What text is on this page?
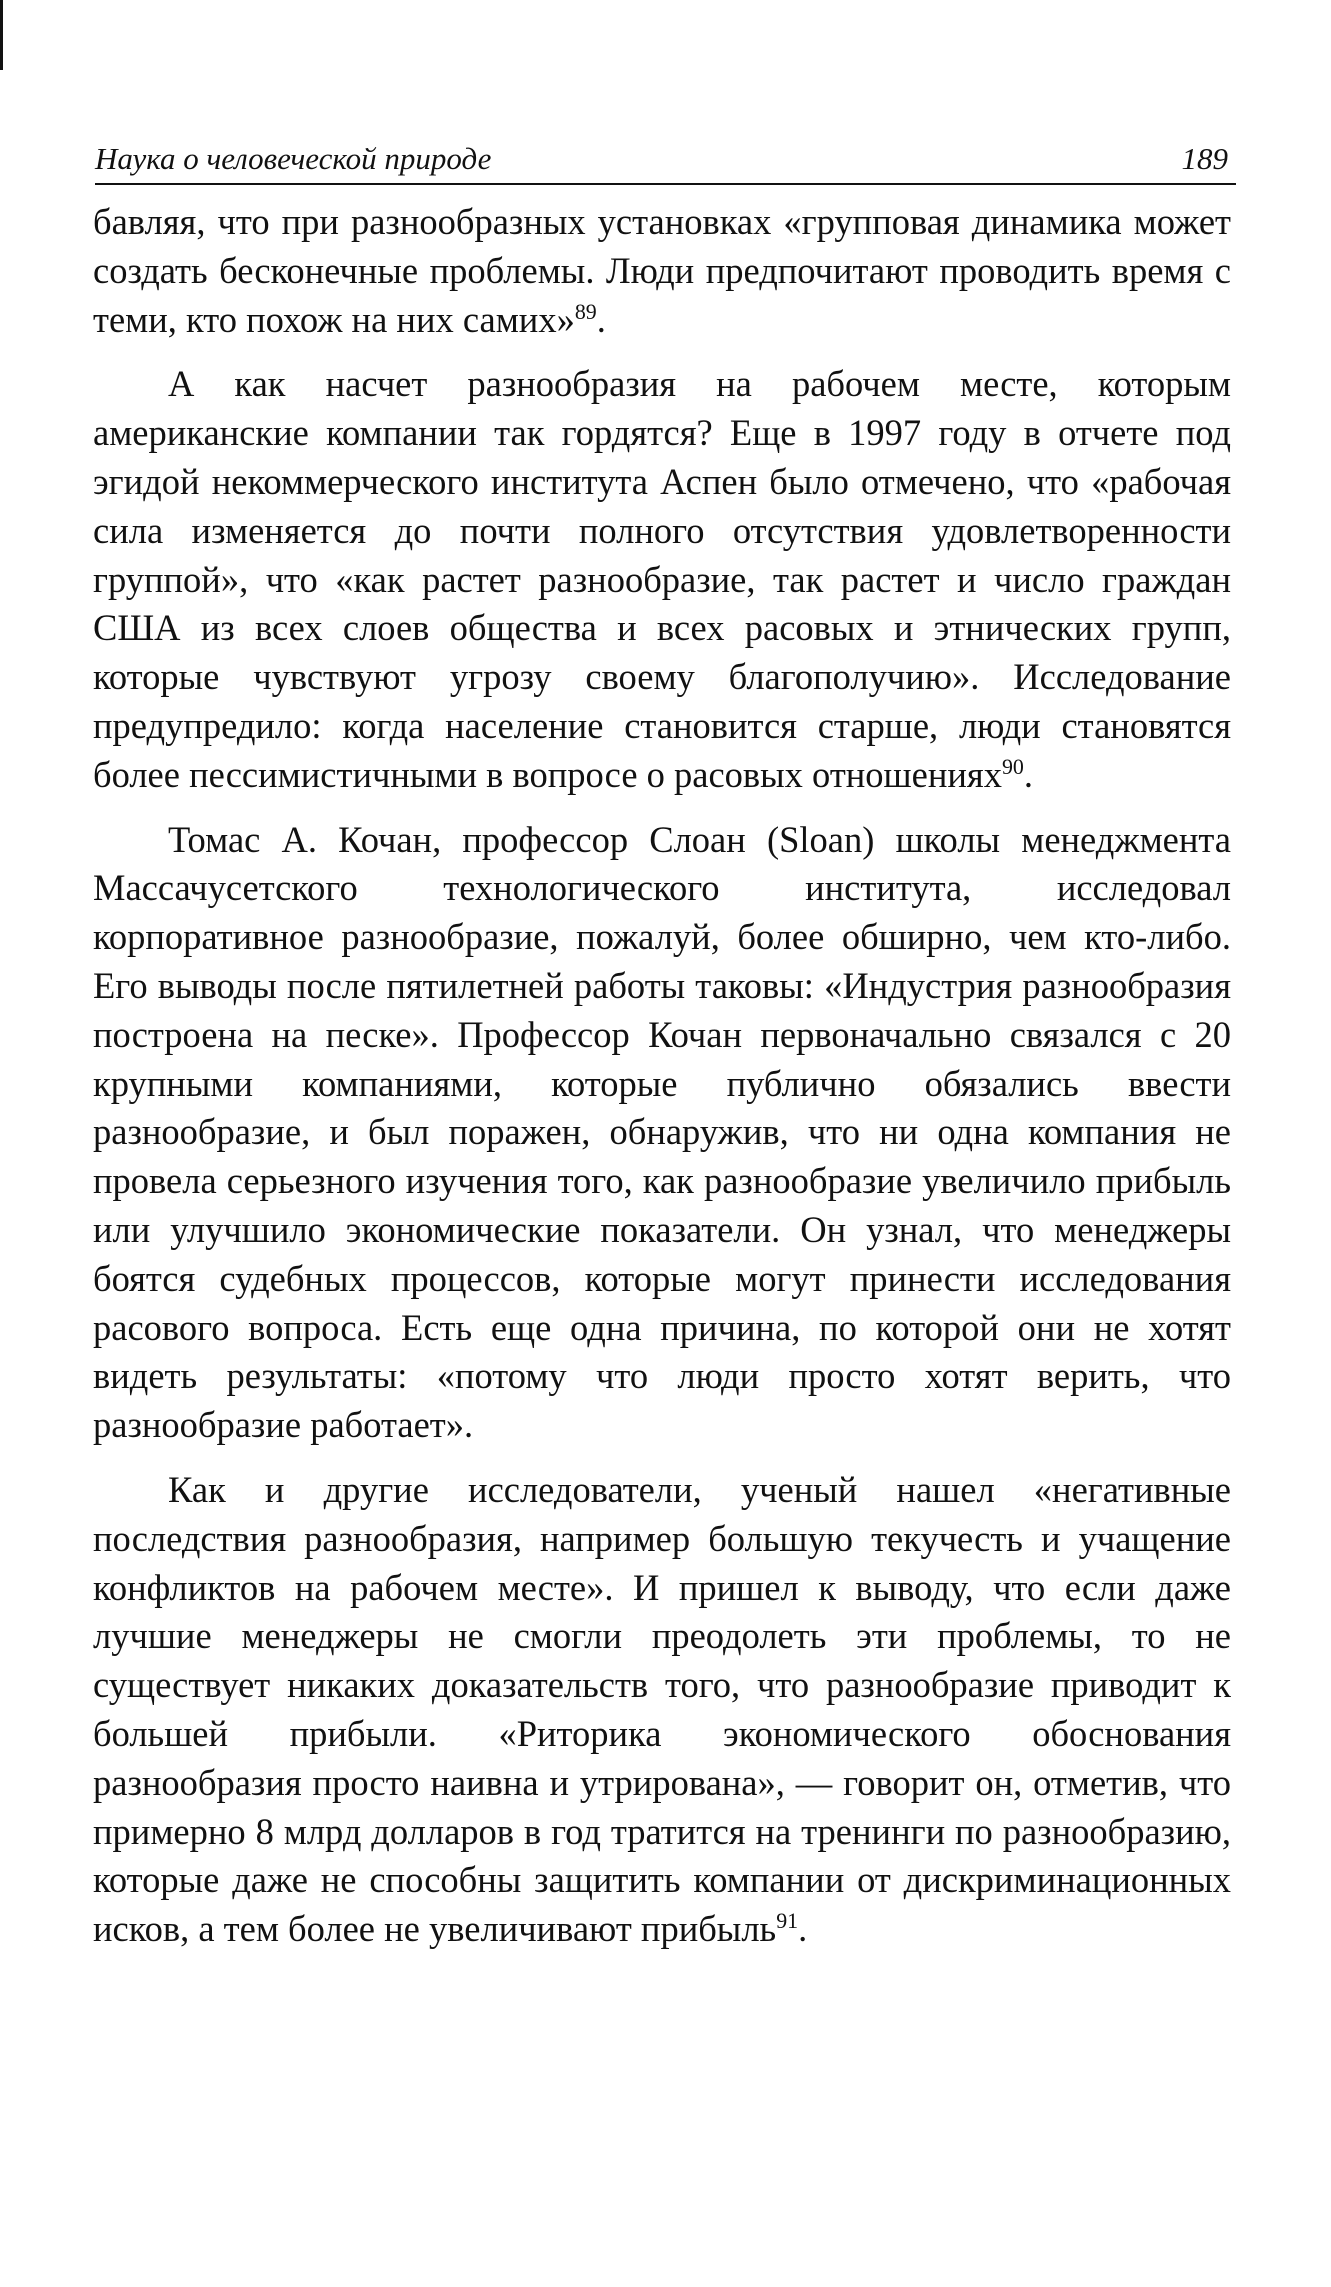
Наука о человеческой природе	189

бавляя, что при разнообразных установках «групповая динамика может создать бесконечные проблемы. Люди предпочитают проводить время с теми, кто похож на них самих»$^{89}$.

А как насчет разнообразия на рабочем месте, которым американские компании так гордятся? Еще в 1997 году в отчете под эгидой некоммерческого института Аспен было отмечено, что «рабочая сила изменяется до почти полного отсутствия удовлетворенности группой», что «как растет разнообразие, так растет и число граждан США из всех слоев общества и всех расовых и этнических групп, которые чувствуют угрозу своему благополучию». Исследование предупредило: когда население становится старше, люди становятся более пессимистичными в вопросе о расовых отношениях$^{90}$.

Томас А. Кочан, профессор Слоан (Sloan) школы менеджмента Массачусетского технологического института, исследовал корпоративное разнообразие, пожалуй, более обширно, чем кто-либо. Его выводы после пятилетней работы таковы: «Индустрия разнообразия построена на песке». Профессор Кочан первоначально связался с 20 крупными компаниями, которые публично обязались ввести разнообразие, и был поражен, обнаружив, что ни одна компания не провела серьезного изучения того, как разнообразие увеличило прибыль или улучшило экономические показатели. Он узнал, что менеджеры боятся судебных процессов, которые могут принести исследования расового вопроса. Есть еще одна причина, по которой они не хотят видеть результаты: «потому что люди просто хотят верить, что разнообразие работает».

Как и другие исследователи, ученый нашел «негативные последствия разнообразия, например большую текучесть и учащение конфликтов на рабочем месте». И пришел к выводу, что если даже лучшие менеджеры не смогли преодолеть эти проблемы, то не существует никаких доказательств того, что разнообразие приводит к большей прибыли. «Риторика экономического обоснования разнообразия просто наивна и утрирована», — говорит он, отметив, что примерно 8 млрд долларов в год тратится на тренинги по разнообразию, которые даже не способны защитить компании от дискриминационных исков, а тем более не увеличивают прибыль$^{91}$.
